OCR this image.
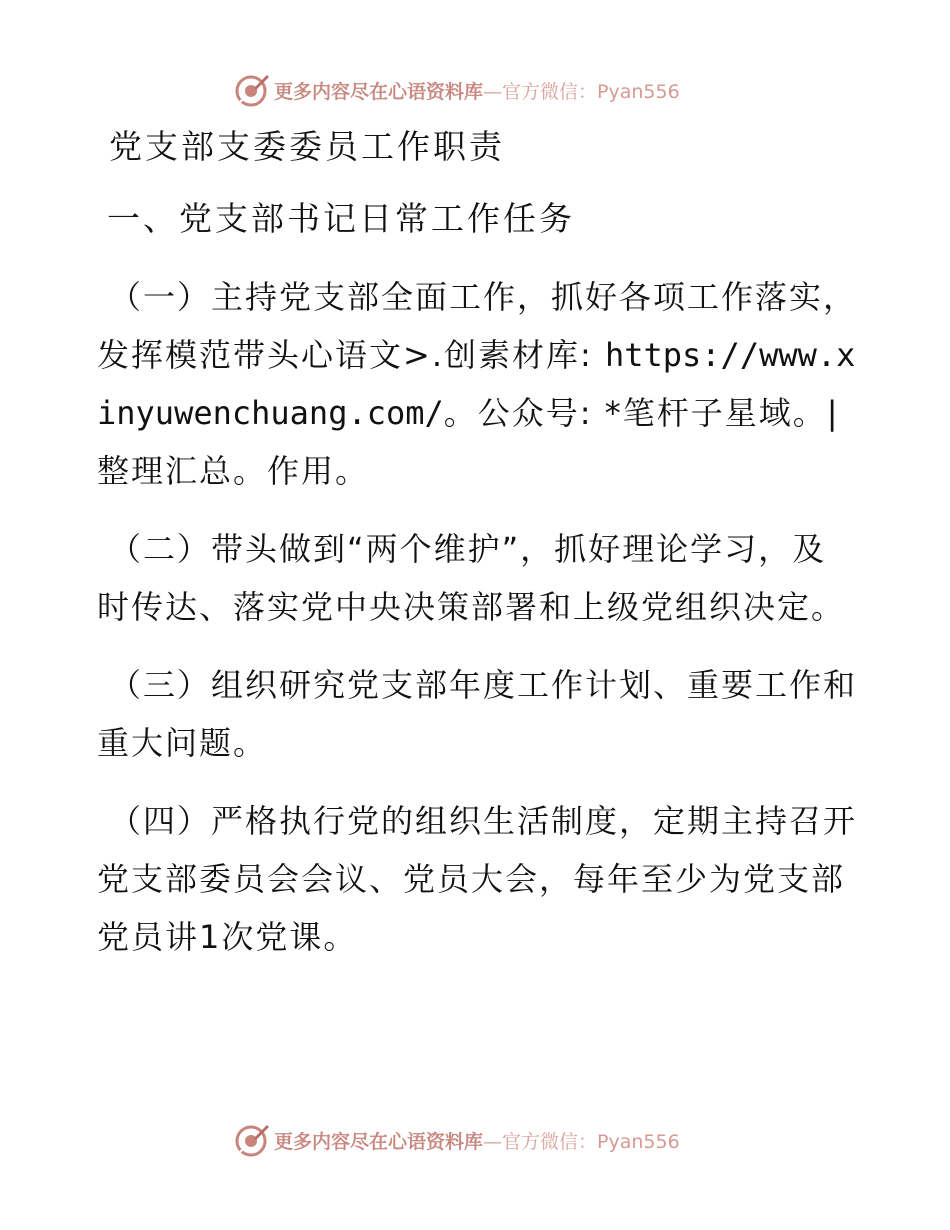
更多内容尽在心语资料库—官方微信：Pyan556
党支部支委委员工作职责
一、党支部书记日常工作任务

（一）主持党支部全面工作，抓好各项工作落实，发挥模范带头心语文>.创素材库: https://www.xinyuwenchuang.com/。公众号: *笔杆子星域。|整理汇总。作用。

（二）带头做到“两个维护”，抓好理论学习，及时传达、落实党中央决策部署和上级党组织决定。

（三）组织研究党支部年度工作计划、重要工作和重大问题。

（四）严格执行党的组织生活制度，定期主持召开党支部委员会会议、党员大会，每年至少为党支部党员讲1次党课。

更多内容尽在心语资料库—官方微信：Pyan556
